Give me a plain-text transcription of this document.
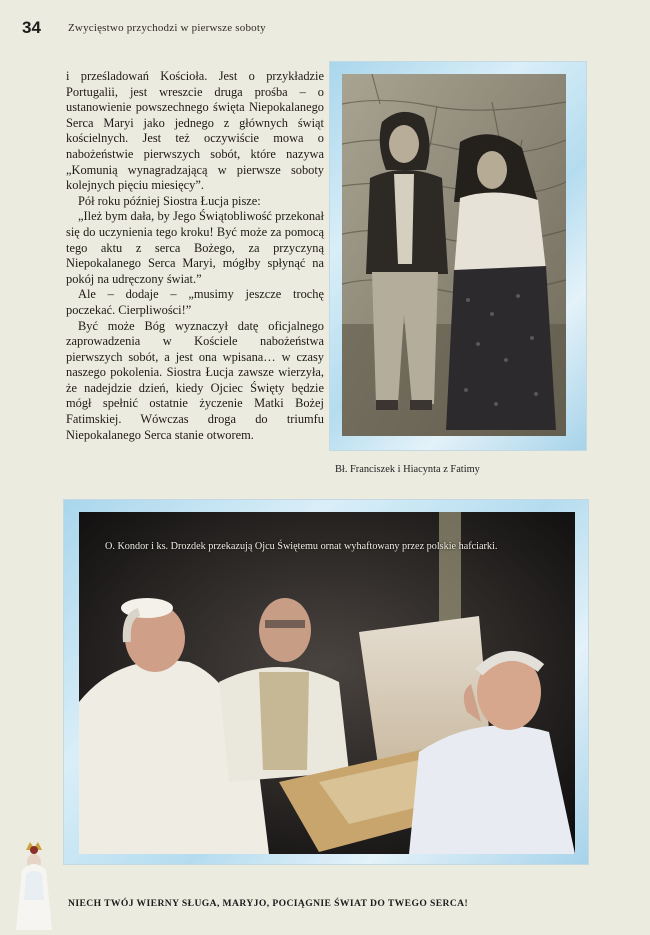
34 Zwycięstwo przychodzi w pierwsze soboty

i prześladowań Kościoła. Jest o przykładzie Portugalii, jest wreszcie druga prośba – o ustanowienie powszechnego święta Niepokalanego Serca Maryi jako jednego z głównych świąt kościelnych. Jest też oczywiście mowa o nabożeństwie pierwszych sobót, które nazywa „Komunią wynagradzającą w pierwsze soboty kolejnych pięciu miesięcy”.

Pół roku później Siostra Łucja pisze:

„Ileż bym dała, by Jego Świątobliwość przekonał się do uczynienia tego kroku! Być może za pomocą tego aktu z serca Bożego, za przyczyną Niepokalanego Serca Maryi, mógłby spłynąć na pokój na udręczony świat.”

Ale – dodaje – „musimy jeszcze trochę poczekać. Cierpliwości!”

Być może Bóg wyznaczył datę oficjalnego zaprowadzenia w Kościele nabożeństwa pierwszych sobót, a jest ona wpisana… w czasy naszego pokolenia. Siostra Łucja zawsze wierzyła, że nadejdzie dzień, kiedy Ojciec Święty będzie mógł spełnić ostatnie życzenie Matki Bożej Fatimskiej. Wówczas droga do triumfu Niepokalanego Serca stanie otworem.

Bł. Franciszek i Hiacynta z Fatimy
O. Kondor i ks. Drozdek przekazują Ojcu Świętemu ornat wyhaftowany przez polskie hafciarki.
NIECH TWÓJ WIERNY SŁUGA, MARYJO, POCIĄGNIE ŚWIAT DO TWEGO SERCA!
